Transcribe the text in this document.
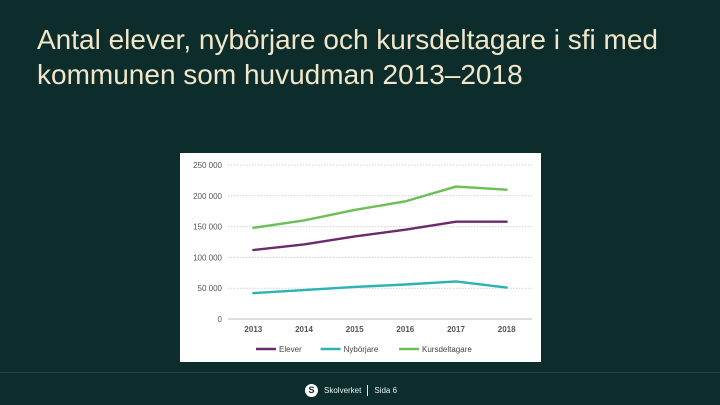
Antal elever, nybörjare och kursdeltagare i sfi med kommunen som huvudman 2013–2018
0
50 000
100 000
150 000
200 000
250 000
2013	2014	2015	2016	2017	2018
Elever	Nybörjare	Kursdeltagare
S	Skolverket Sida 6
